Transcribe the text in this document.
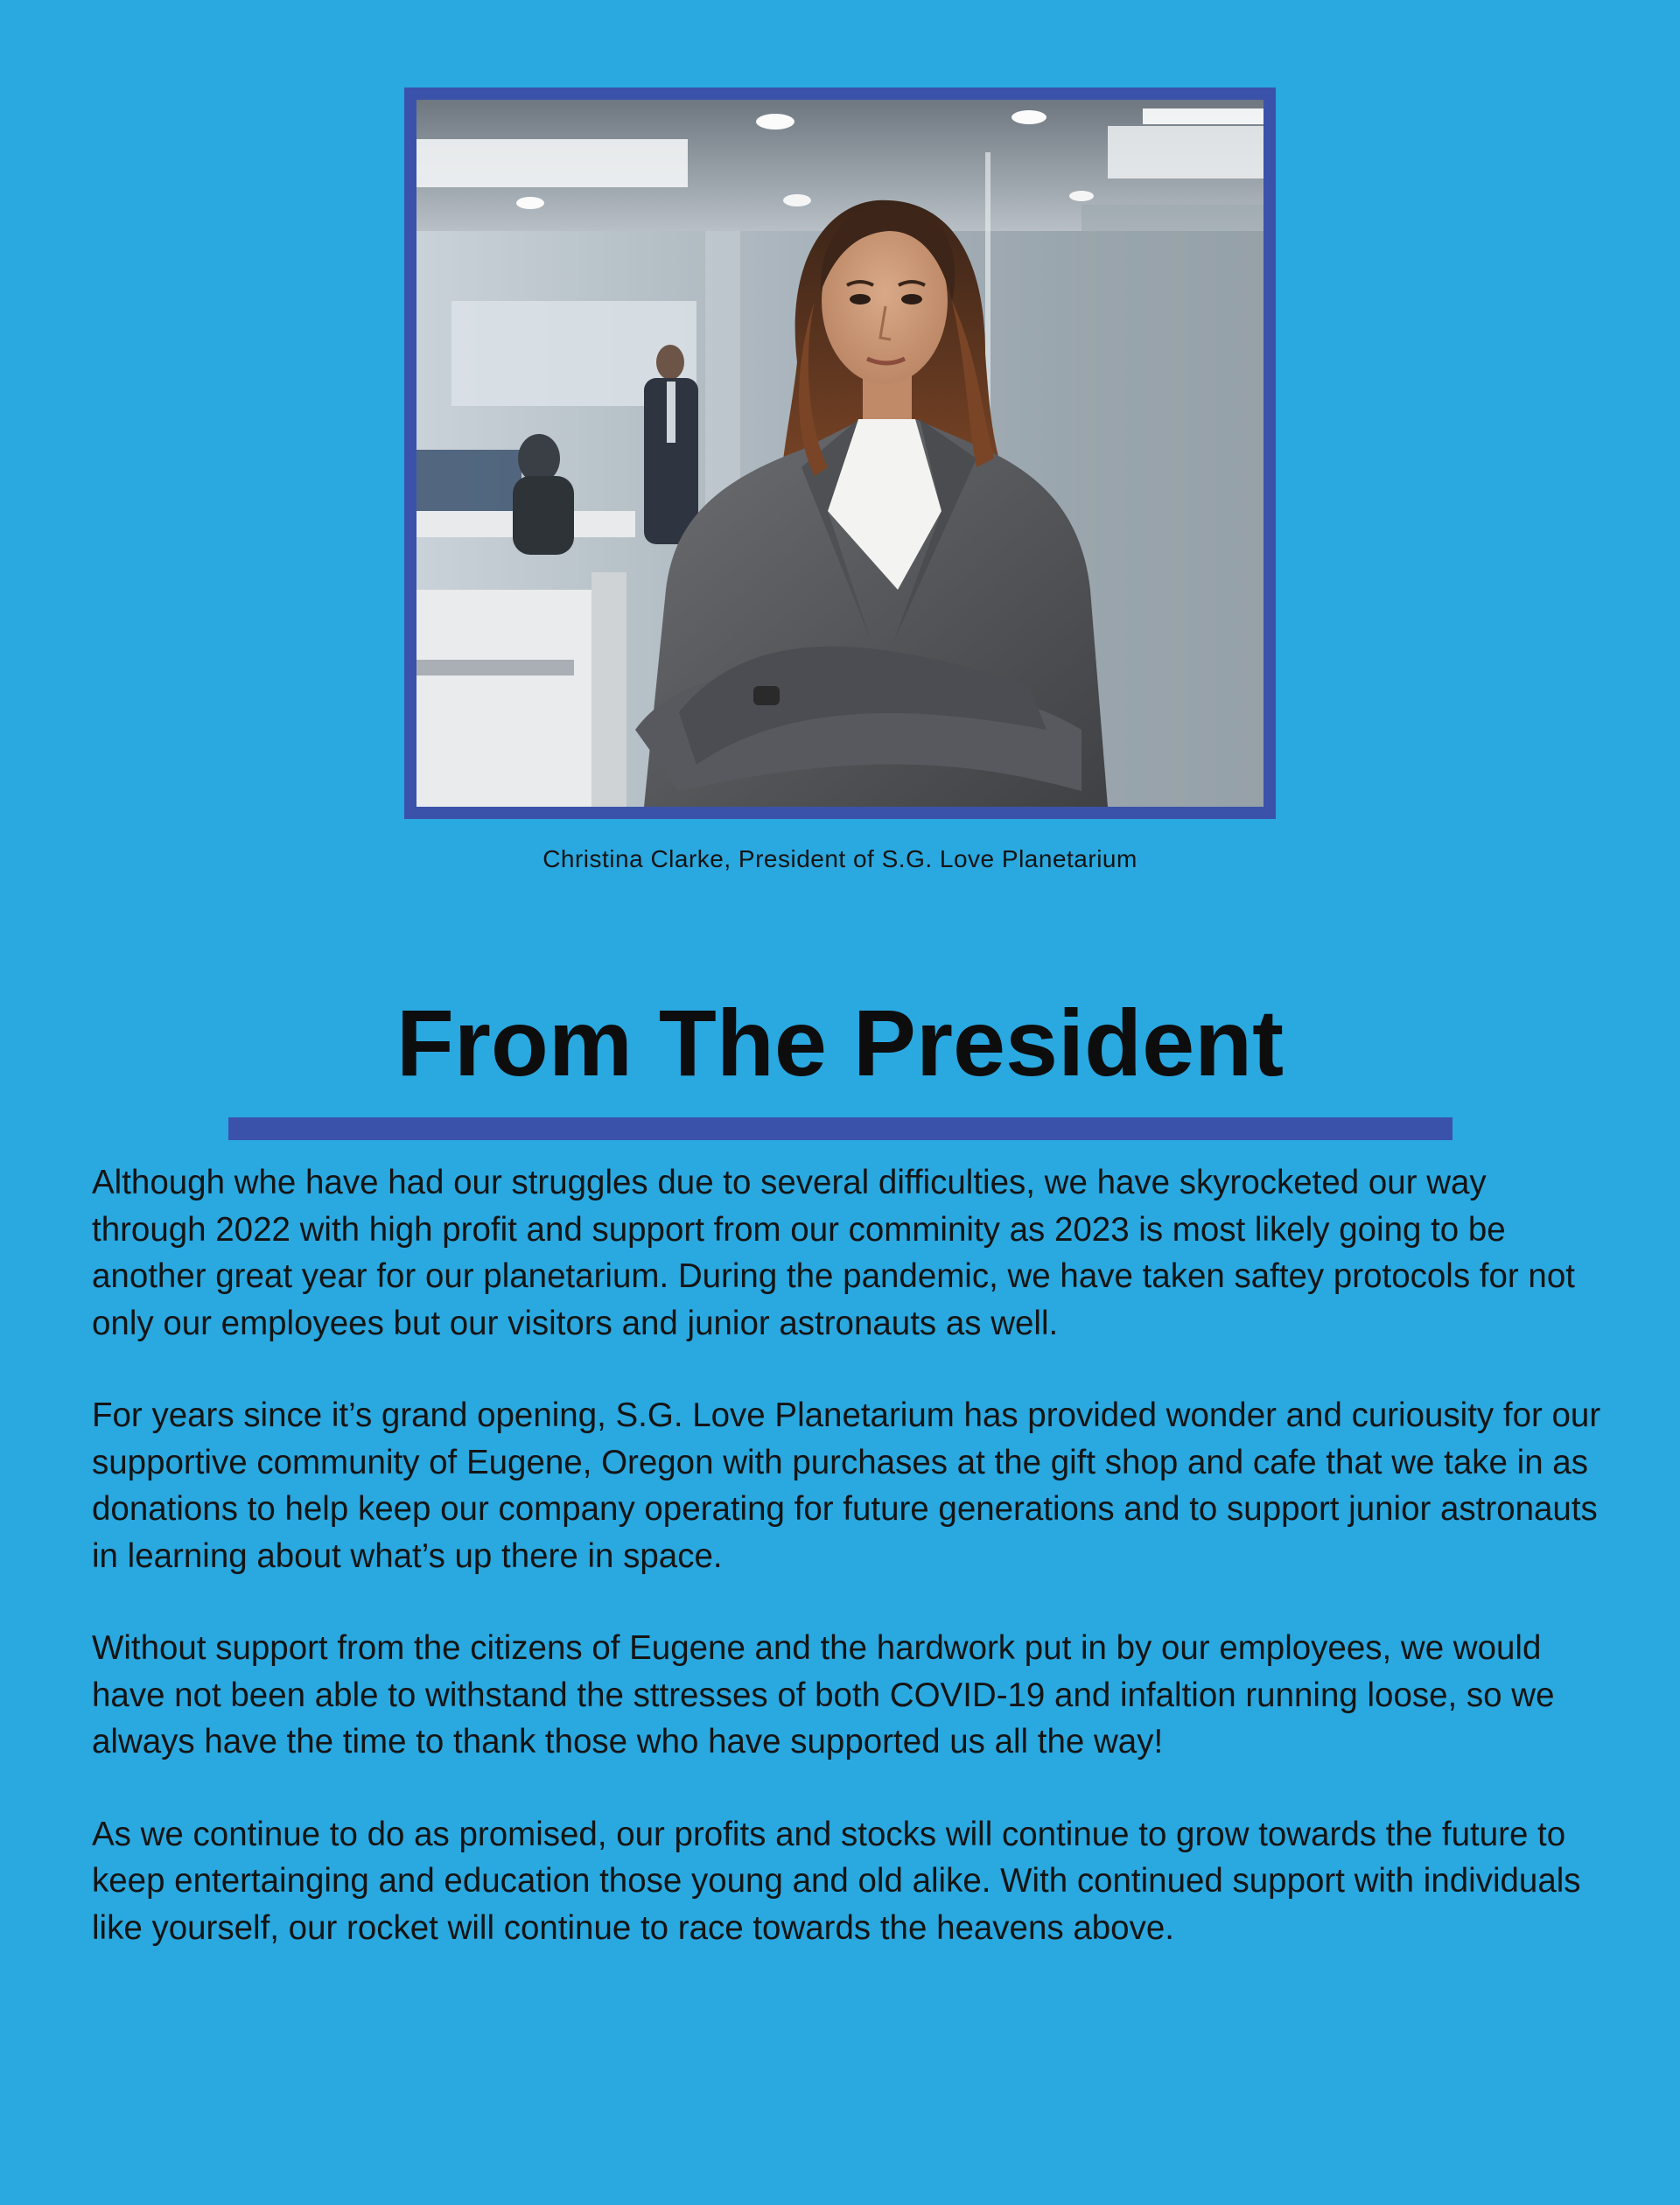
Christina Clarke, President of S.G. Love Planetarium
From The President

Although whe have had our struggles due to several difficulties, we have skyrocketed our way through 2022 with high profit and support from our comminity as 2023 is most likely going to be another great year for our planetarium. During the pandemic, we have taken saftey protocols for not only our employees but our visitors and junior astronauts as well.

For years since it’s grand opening, S.G. Love Planetarium has provided wonder and curiousity for our supportive community of Eugene, Oregon with purchases at the gift shop and cafe that we take in as donations to help keep our company operating for future generations and to support junior astronauts in learning about what’s up there in space.

Without support from the citizens of Eugene and the hardwork put in by our employees, we would have not been able to withstand the sttresses of both COVID-19 and infaltion running loose, so we always have the time to thank those who have supported us all the way!

As we continue to do as promised, our profits and stocks will continue to grow towards the future to keep entertainging and education those young and old alike. With continued support with individuals like yourself, our rocket will continue to race towards the heavens above.
